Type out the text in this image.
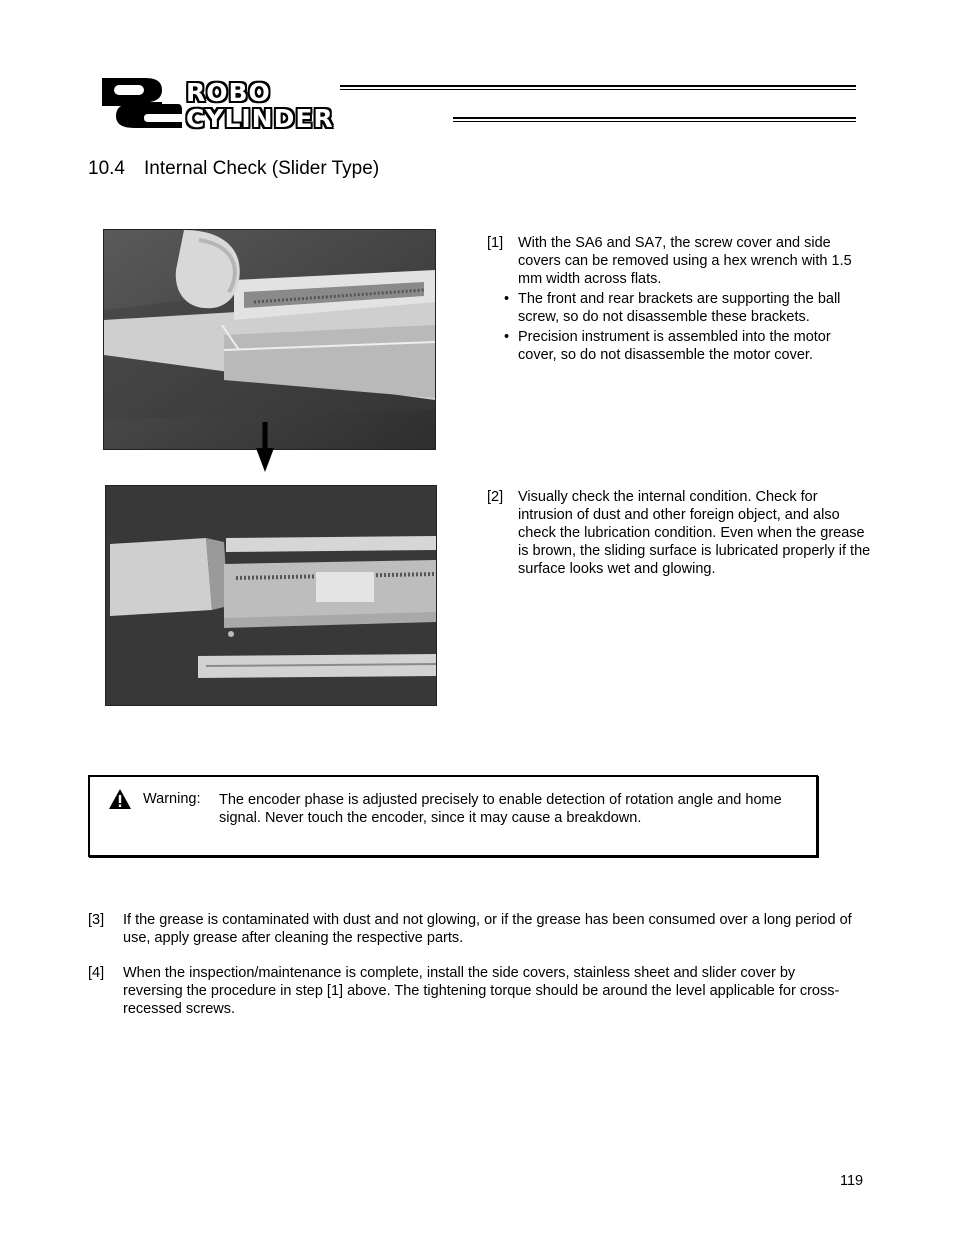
ROBO
CYLINDER
10.4 Internal Check (Slider Type)
[1] With the SA6 and SA7, the screw cover and side covers can be removed using a hex wrench with 1.5 mm width across flats.
• The front and rear brackets are supporting the ball screw, so do not disassemble these brackets.
• Precision instrument is assembled into the motor cover, so do not disassemble the motor cover.
[2] Visually check the internal condition. Check for intrusion of dust and other foreign object, and also check the lubrication condition. Even when the grease is brown, the sliding surface is lubricated properly if the surface looks wet and glowing.
Warning: The encoder phase is adjusted precisely to enable detection of rotation angle and home signal. Never touch the encoder, since it may cause a breakdown.
[3] If the grease is contaminated with dust and not glowing, or if the grease has been consumed over a long period of use, apply grease after cleaning the respective parts.
[4] When the inspection/maintenance is complete, install the side covers, stainless sheet and slider cover by reversing the procedure in step [1] above. The tightening torque should be around the level applicable for cross-recessed screws.
119
